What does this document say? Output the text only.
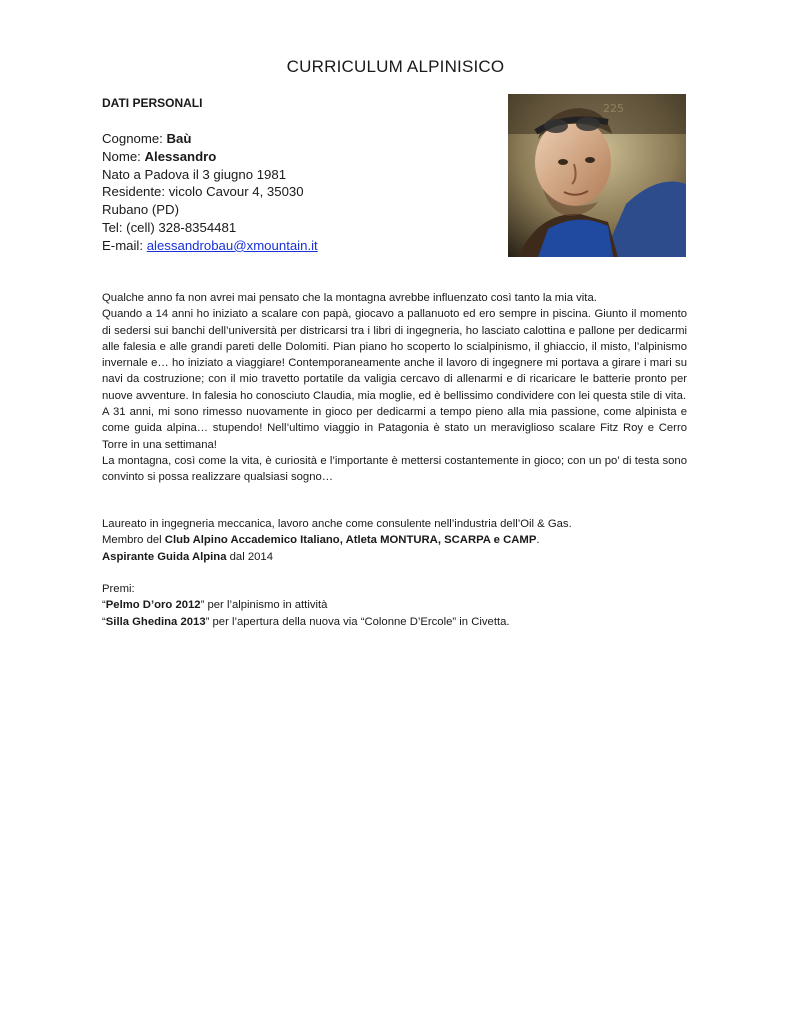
CURRICULUM ALPINISICO
DATI PERSONALI
Cognome: Baù
Nome: Alessandro
Nato a Padova il 3 giugno 1981
Residente: vicolo Cavour 4, 35030
Rubano (PD)
Tel: (cell) 328-8354481
E-mail: alessandrobau@xmountain.it
225

Qualche anno fa non avrei mai pensato che la montagna avrebbe influenzato così tanto la mia vita.

Quando a 14 anni ho iniziato a scalare con papà, giocavo a pallanuoto ed ero sempre in piscina. Giunto il momento di sedersi sui banchi dell’università per districarsi tra i libri di ingegneria, ho lasciato calottina e pallone per dedicarmi alle falesia e alle grandi pareti delle Dolomiti. Pian piano ho scoperto lo scialpinismo, il ghiaccio, il misto, l’alpinismo invernale e… ho iniziato a viaggiare! Contemporaneamente anche il lavoro di ingegnere mi portava a girare i mari su navi da costruzione; con il mio travetto portatile da valigia cercavo di allenarmi e di ricaricare le batterie pronto per nuove avventure. In falesia ho conosciuto Claudia, mia moglie, ed è bellissimo condividere con lei questa stile di vita.

A 31 anni, mi sono rimesso nuovamente in gioco per dedicarmi a tempo pieno alla mia passione, come alpinista e come guida alpina… stupendo! Nell’ultimo viaggio in Patagonia è stato un meraviglioso scalare Fitz Roy e Cerro Torre in una settimana!

La montagna, così come la vita, è curiosità e l’importante è mettersi costantemente in gioco; con un po’ di testa sono convinto si possa realizzare qualsiasi sogno…

Laureato in ingegneria meccanica, lavoro anche come consulente nell’industria dell’Oil & Gas.

Membro del Club Alpino Accademico Italiano, Atleta MONTURA, SCARPA e CAMP.

Aspirante Guida Alpina dal 2014

Premi:

“Pelmo D’oro 2012” per l’alpinismo in attività

“Silla Ghedina 2013” per l’apertura della nuova via “Colonne D’Ercole” in Civetta.
